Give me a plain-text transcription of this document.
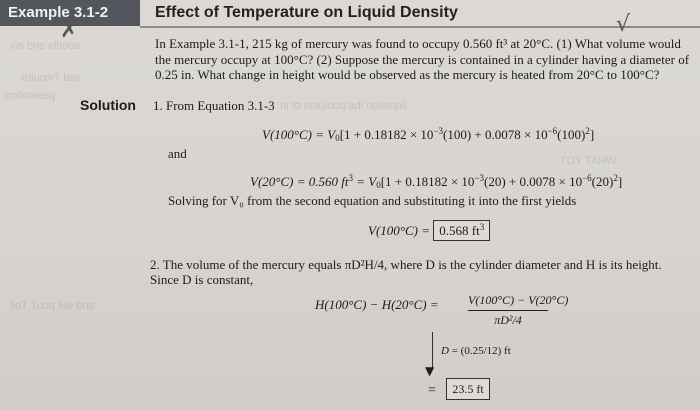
xıs bns eltioea
ilbluowT bns
noilsmeoq
ni to niaulooq adi noitsupil
lloT Tuoq lliw bns
TOY TAHW
Example 3.1-2	Effect of Temperature on Liquid Density
✗	√
In Example 3.1-1, 215 kg of mercury was found to occupy 0.560 ft³ at 20°C. (1) What volume would the mercury occupy at 100°C? (2) Suppose the mercury is contained in a cylinder having a diameter of 0.25 in. What change in height would be observed as the mercury is heated from 20°C to 100°C?
Solution 1. From Equation 3.1-3
$V(100^\circ C) = V_0[1 + 0.18182 \times 10^{-3}(100) + 0.0078 \times 10^{-6}(100)^2]$
and
V(20°C) = 0.560 $ft^3 = V_0[1 + 0.18182 \times 10^{-3}(20) + 0.0078 \times 10^{-6}(20)^2]$
Solving for V₀ from the second equation and substituting it into the first yields
V(100°C) = 0.568 $ft^3$
2. The volume of the mercury equals πD²H/4, where D is the cylinder diameter and H is its height. Since D is constant,
$H(100^\circ C) - H(20^\circ C) = \frac{V(100^\circ C) - V(20^\circ C)}{\text{πD²/4}}$
▼
D = (0.25/12) ft
=	23.5 ft
